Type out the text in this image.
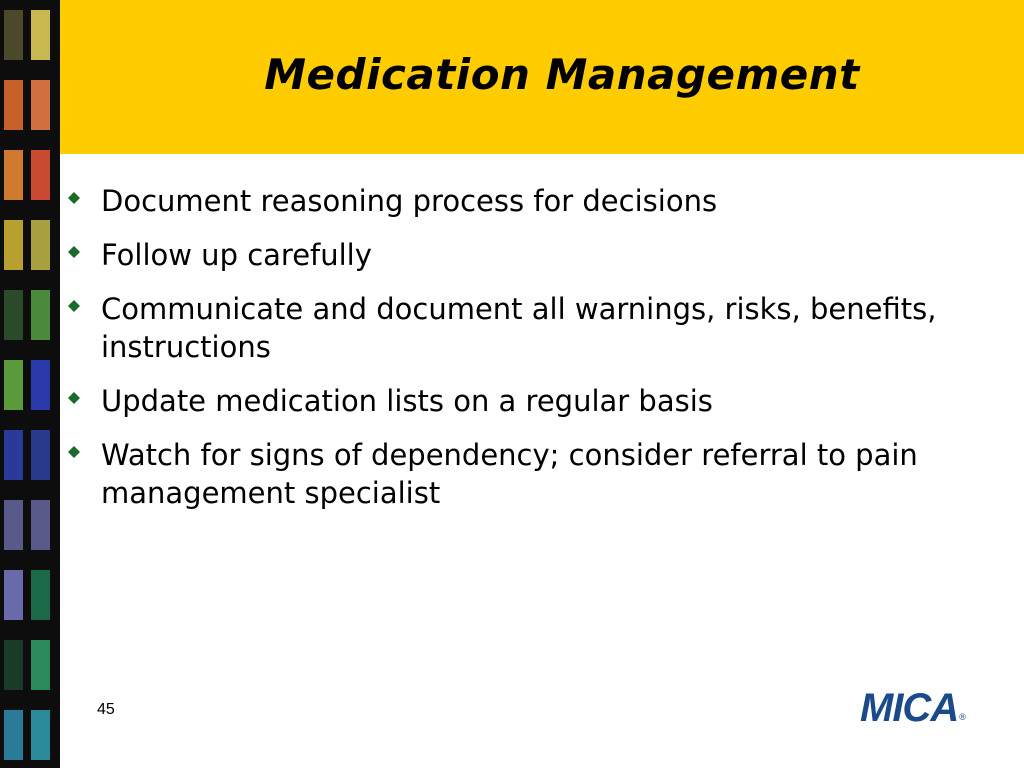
Medication Management
Document reasoning process for decisions
Follow up carefully
Communicate and document all warnings, risks, benefits, instructions
Update medication lists on a regular basis
Watch for signs of dependency; consider referral to pain management specialist
45	MICA ®
